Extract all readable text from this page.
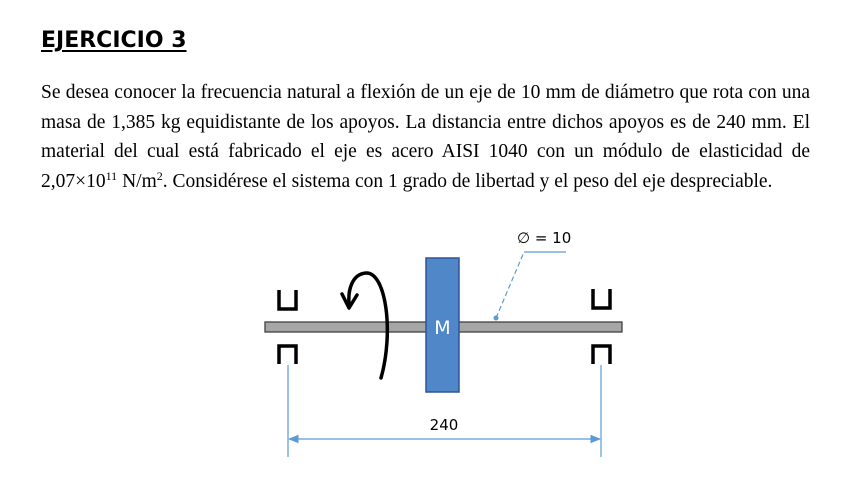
EJERCICIO 3

Se desea conocer la frecuencia natural a flexión de un eje de 10 mm de diámetro que rota con una masa de 1,385 kg equidistante de los apoyos. La distancia entre dichos apoyos es de 240 mm. El material del cual está fabricado el eje es acero AISI 1040 con un módulo de elasticidad de $2,07\times 10^{11}$ $N/m^2$. Considérese el sistema con 1 grado de libertad y el peso del eje despreciable.

∅ = 10
M
240
